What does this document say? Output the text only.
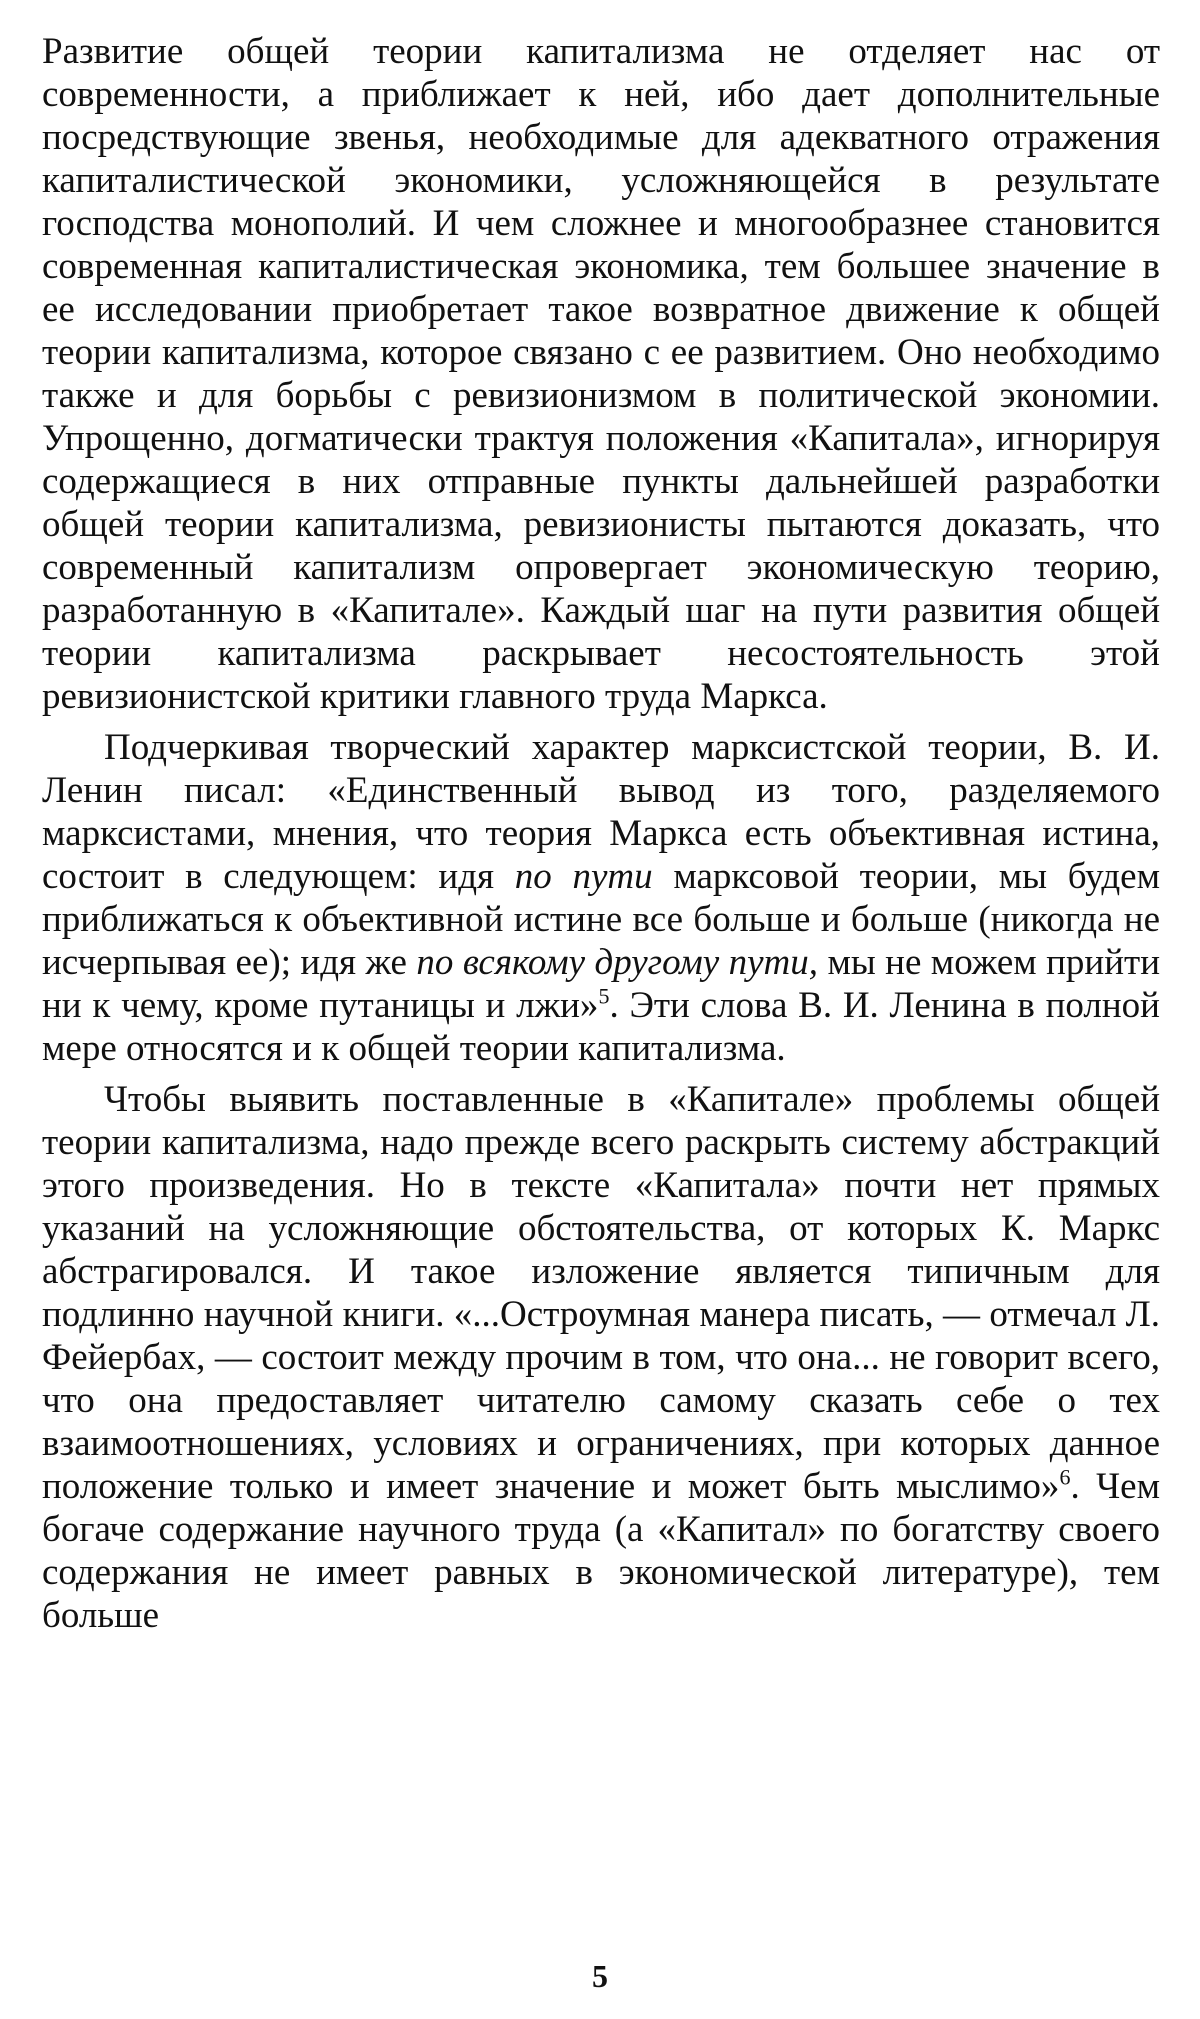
Развитие общей теории капитализма не отделяет нас от современности, а приближает к ней, ибо дает дополнительные посредствующие звенья, необходимые для адекватного отражения капиталистической экономики, усложняющейся в результате господства монополий. И чем сложнее и многообразнее становится современная капиталистическая экономика, тем большее значение в ее исследовании приобретает такое возвратное движение к общей теории капитализма, которое связано с ее развитием. Оно необходимо также и для борьбы с ревизионизмом в политической экономии. Упрощенно, догматически трактуя положения «Капитала», игнорируя содержащиеся в них отправные пункты дальнейшей разработки общей теории капитализма, ревизионисты пытаются доказать, что современный капитализм опровергает экономическую теорию, разработанную в «Капитале». Каждый шаг на пути развития общей теории капитализма раскрывает несостоятельность этой ревизионистской критики главного труда Маркса.

Подчеркивая творческий характер марксистской теории, В. И. Ленин писал: «Единственный вывод из того, разделяемого марксистами, мнения, что теория Маркса есть объективная истина, состоит в следующем: идя по пути марксовой теории, мы будем приближаться к объективной истине все больше и больше (никогда не исчерпывая ее); идя же по всякому другому пути, мы не можем прийти ни к чему, кроме путаницы и лжи»$^5$. Эти слова В. И. Ленина в полной мере относятся и к общей теории капитализма.

Чтобы выявить поставленные в «Капитале» проблемы общей теории капитализма, надо прежде всего раскрыть систему абстракций этого произведения. Но в тексте «Капитала» почти нет прямых указаний на усложняющие обстоятельства, от которых К. Маркс абстрагировался. И такое изложение является типичным для подлинно научной книги. «...Остроумная манера писать, — отмечал Л. Фейербах, — состоит между прочим в том, что она... не говорит всего, что она предоставляет читателю самому сказать себе о тех взаимоотношениях, условиях и ограничениях, при которых данное положение только и имеет значение и может быть мыслимо»$^6$. Чем богаче содержание научного труда (а «Капитал» по богатству своего содержания не имеет равных в экономической литературе), тем больше

5
